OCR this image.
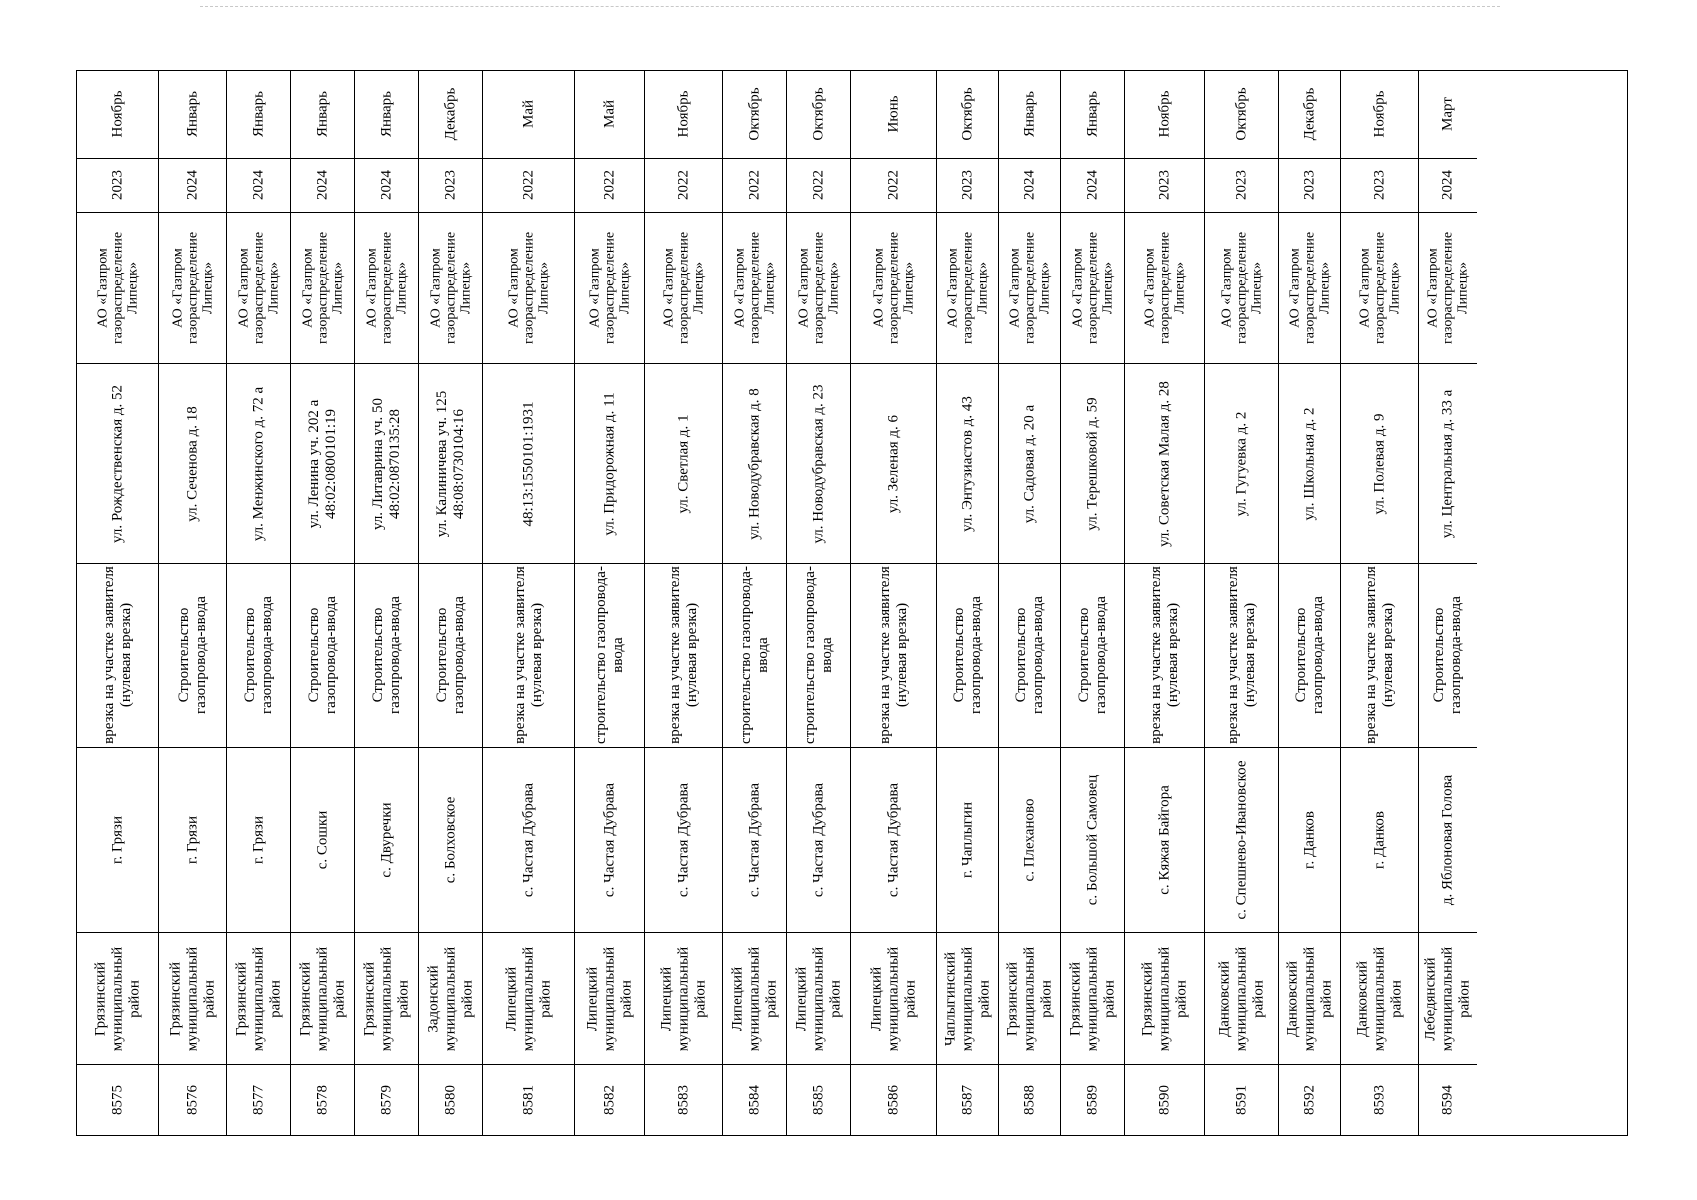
Ноябрь
2023
АО «Газпром газораспределение Липецк»
ул. Рождественская д. 52
врезка на участке заявителя (нулевая врезка)
г. Грязи
Грязинский муниципальный район
8575
Январь
2024
АО «Газпром газораспределение Липецк»
ул. Сеченова д. 18
Строительство газопровода-ввода
г. Грязи
Грязинский муниципальный район
8576
Январь
2024
АО «Газпром газораспределение Липецк»
ул. Менжинского д. 72 а
Строительство газопровода-ввода
г. Грязи
Грязинский муниципальный район
8577
Январь
2024
АО «Газпром газораспределение Липецк»
ул. Ленина уч. 202 а 48:02:0800101:19
Строительство газопровода-ввода
с. Сошки
Грязинский муниципальный район
8578
Январь
2024
АО «Газпром газораспределение Липецк»
ул. Литаврина уч. 50 48:02:0870135:28
Строительство газопровода-ввода
с. Двуречки
Грязинский муниципальный район
8579
Декабрь
2023
АО «Газпром газораспределение Липецк»
ул. Калиничева уч. 125 48:08:0730104:16
Строительство газопровода-ввода
с. Болховское
Задонский муниципальный район
8580
Май
2022
АО «Газпром газораспределение Липецк»
48:13:1550101:1931
врезка на участке заявителя (нулевая врезка)
с. Частая Дубрава
Липецкий муниципальный район
8581
Май
2022
АО «Газпром газораспределение Липецк»
ул. Придорожная д. 11
строительство газопровода-ввода
с. Частая Дубрава
Липецкий муниципальный район
8582
Ноябрь
2022
АО «Газпром газораспределение Липецк»
ул. Светлая д. 1
врезка на участке заявителя (нулевая врезка)
с. Частая Дубрава
Липецкий муниципальный район
8583
Октябрь
2022
АО «Газпром газораспределение Липецк»
ул. Новодубравская д. 8
строительство газопровода-ввода
с. Частая Дубрава
Липецкий муниципальный район
8584
Октябрь
2022
АО «Газпром газораспределение Липецк»
ул. Новодубравская д. 23
строительство газопровода-ввода
с. Частая Дубрава
Липецкий муниципальный район
8585
Июнь
2022
АО «Газпром газораспределение Липецк»
ул. Зеленая д. 6
врезка на участке заявителя (нулевая врезка)
с. Частая Дубрава
Липецкий муниципальный район
8586
Октябрь
2023
АО «Газпром газораспределение Липецк»
ул. Энтузиастов д. 43
Строительство газопровода-ввода
г. Чаплыгин
Чаплыгинский муниципальный район
8587
Январь
2024
АО «Газпром газораспределение Липецк»
ул. Садовая д. 20 а
Строительство газопровода-ввода
с. Плеханово
Грязинский муниципальный район
8588
Январь
2024
АО «Газпром газораспределение Липецк»
ул. Терешковой д. 59
Строительство газопровода-ввода
с. Большой Самовец
Грязинский муниципальный район
8589
Ноябрь
2023
АО «Газпром газораспределение Липецк»
ул. Советская Малая д. 28
врезка на участке заявителя (нулевая врезка)
с. Кяжая Байгора
Грязинский муниципальный район
8590
Октябрь
2023
АО «Газпром газораспределение Липецк»
ул. Гугуевка д. 2
врезка на участке заявителя (нулевая врезка)
с. Спешнево-Ивановское
Данковский муниципальный район
8591
Декабрь
2023
АО «Газпром газораспределение Липецк»
ул. Школьная д. 2
Строительство газопровода-ввода
г. Данков
Данковский муниципальный район
8592
Ноябрь
2023
АО «Газпром газораспределение Липецк»
ул. Полевая д. 9
врезка на участке заявителя (нулевая врезка)
г. Данков
Данковский муниципальный район
8593
Март
2024
АО «Газпром газораспределение Липецк»
ул. Центральная д. 33 а
Строительство газопровода-ввода
д. Яблоновая Голова
Лебедянский муниципальный район
8594
